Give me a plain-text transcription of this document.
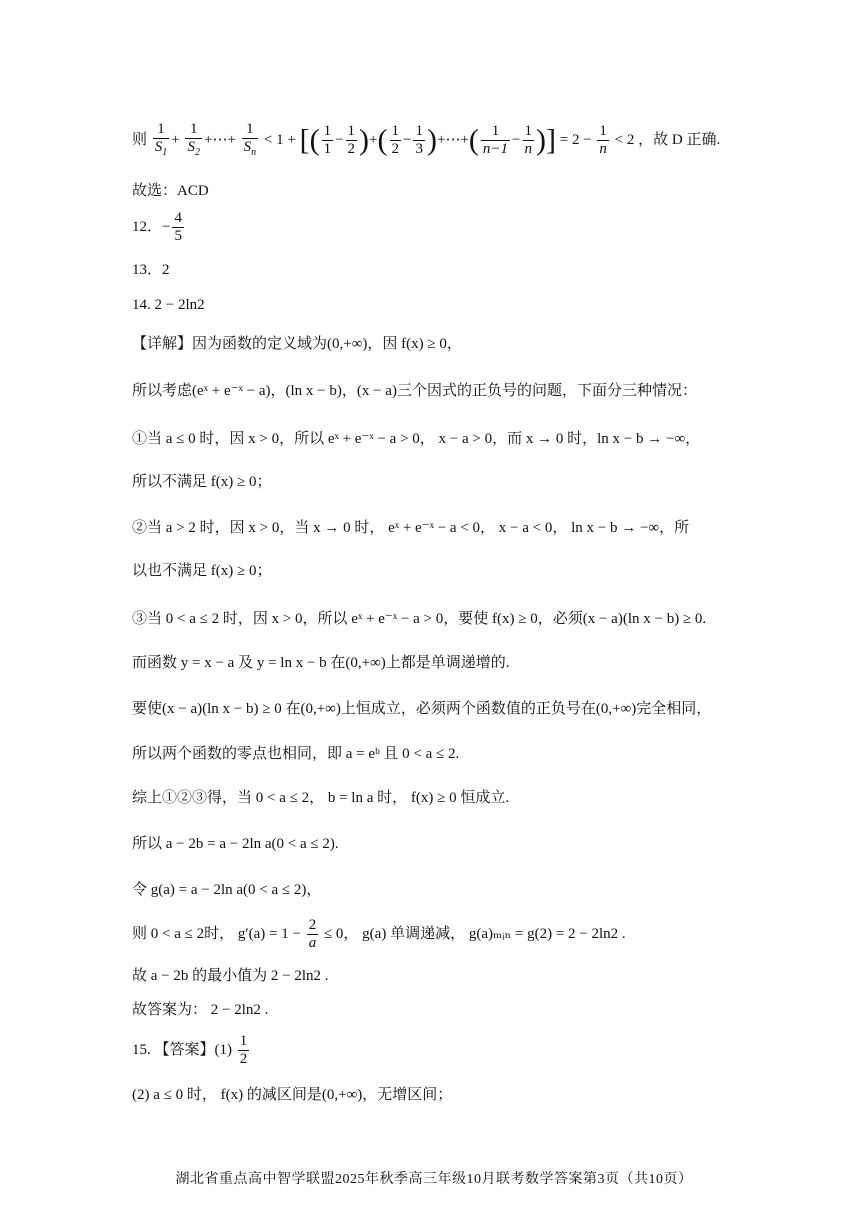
则 $\frac{1}{S_1} + \frac{1}{S_2}$ +⋯+ $\frac{1}{S_n} < 1$ + [( $\frac{1}{1} - \frac{1}{2}$ )+( $\frac{1}{2} - \frac{1}{3}$ )+⋯+( $\frac{1}{n-1} - \frac{1}{n}$ )] = $2 - \frac{1}{n} < 2$ ，故 D 正确.
故选：ACD
12．− $\frac{4}{5}$
13．2
14. 2 − 2ln2
【详解】因为函数的定义域为(0,+∞)，因 f(x) ≥ 0，
所以考虑(eˣ + e⁻ˣ − a)，(ln x − b)，(x − a)三个因式的正负号的问题，下面分三种情况：
①当 a ≤ 0 时，因 x > 0，所以 eˣ + e⁻ˣ − a > 0， x − a > 0，而 x → 0 时，ln x − b → −∞，
所以不满足 f(x) ≥ 0；
②当 a > 2 时，因 x > 0，当 x → 0 时， eˣ + e⁻ˣ − a < 0， x − a < 0， ln x − b → −∞，所
以也不满足 f(x) ≥ 0；
③当 0 < a ≤ 2 时，因 x > 0，所以 eˣ + e⁻ˣ − a > 0，要使 f(x) ≥ 0，必须(x − a)(ln x − b) ≥ 0.
而函数 y = x − a 及 y = ln x − b 在(0,+∞)上都是单调递增的.
要使(x − a)(ln x − b) ≥ 0 在(0,+∞)上恒成立，必须两个函数值的正负号在(0,+∞)完全相同，
所以两个函数的零点也相同，即 a = eᵇ 且 0 < a ≤ 2.
综上①②③得，当 0 < a ≤ 2， b = ln a 时， f(x) ≥ 0 恒成立.
所以 a − 2b = a − 2ln a(0 < a ≤ 2).
令 g(a) = a − 2ln a(0 < a ≤ 2)，
则 0 < a ≤ 2时， $g'(a) = 1 - \frac{2}{a} \le 0$， g(a) 单调递减， g(a)ₘᵢₙ = g(2) = 2 − 2ln2 .
故 a − 2b 的最小值为 2 − 2ln2 .
故答案为： 2 − 2ln2 .
15. 【答案】$(1) \frac{1}{2}$
(2) a ≤ 0 时， f(x) 的减区间是(0,+∞)，无增区间；
湖北省重点高中智学联盟2025年秋季高三年级10月联考数学答案第3页（共10页）
